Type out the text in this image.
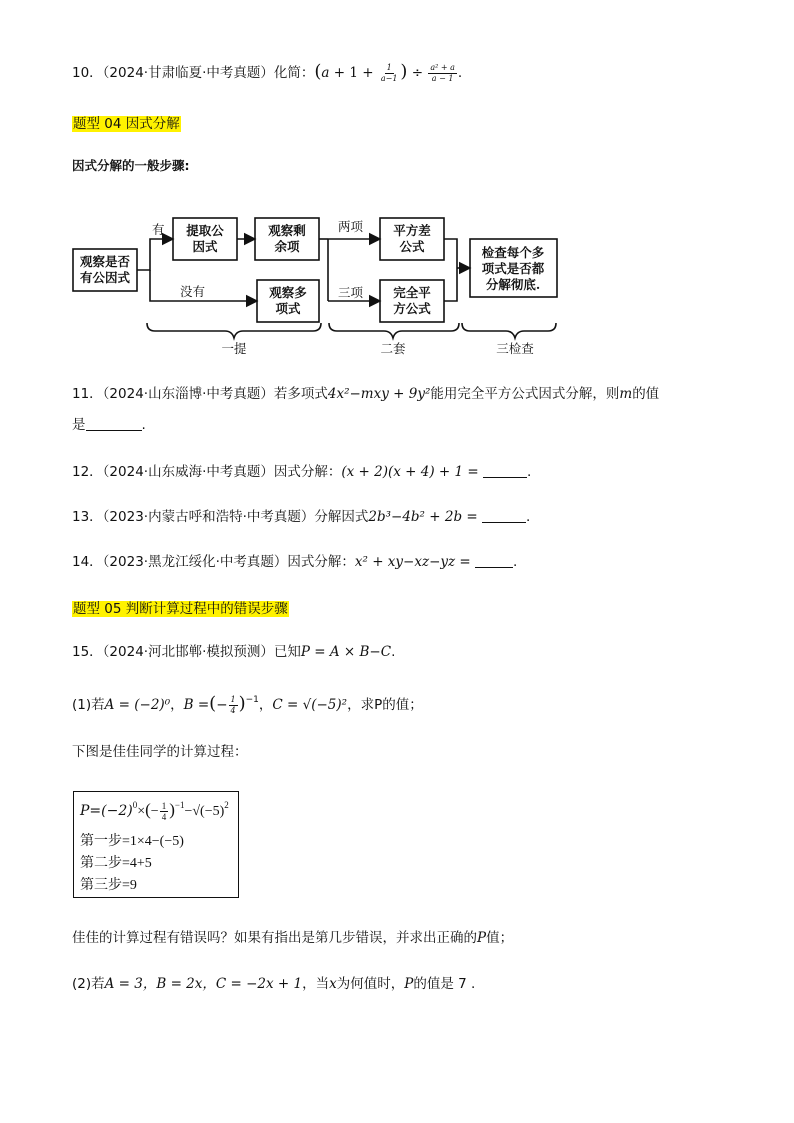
10．（2024·甘肃临夏·中考真题）化简：($a + 1 + \frac{1}{a-1}$ ) ÷ $\frac{\text{a² + a}}{a - 1}$ .
题型 04 因式分解
因式分解的一般步骤:
观察是否
有公因式
提取公
因式
观察剩
余项
观察多
项式
平方差
公式
完全平
方公式
检查每个多
项式是否都
分解彻底.
有
没有
两项
三项
一提	二套	三检查
11．（2024·山东淄博·中考真题）若多项式4x²−mxy + 9y²能用完全平方公式因式分解，则m的值
是	.
12．（2024·山东威海·中考真题）因式分解：(x + 2)(x + 4) + 1 =	.
13．（2023·内蒙古呼和浩特·中考真题）分解因式2b³−4b² + 2b =	.
14．（2023·黑龙江绥化·中考真题）因式分解：x² + xy−xz−yz =	.
题型 05 判断计算过程中的错误步骤
15．（2024·河北邯郸·模拟预测）已知P = A × B−C.
(1)若A = (−2)⁰，B =(− $\frac{1}{4} )^{-1}$，C = √(−5)²，求P的值；
下图是佳佳同学的计算过程：
$P=(-2)^0\times(- \frac{1}{4} )^{-1}-√(-5)^2$
第一步=1×4−(−5)
第二步=4+5
第三步=9
佳佳的计算过程有错误吗？如果有指出是第几步错误，并求出正确的P值；
(2)若A = 3，B = 2x，C = −2x + 1，当x为何值时，P的值是 7 .
